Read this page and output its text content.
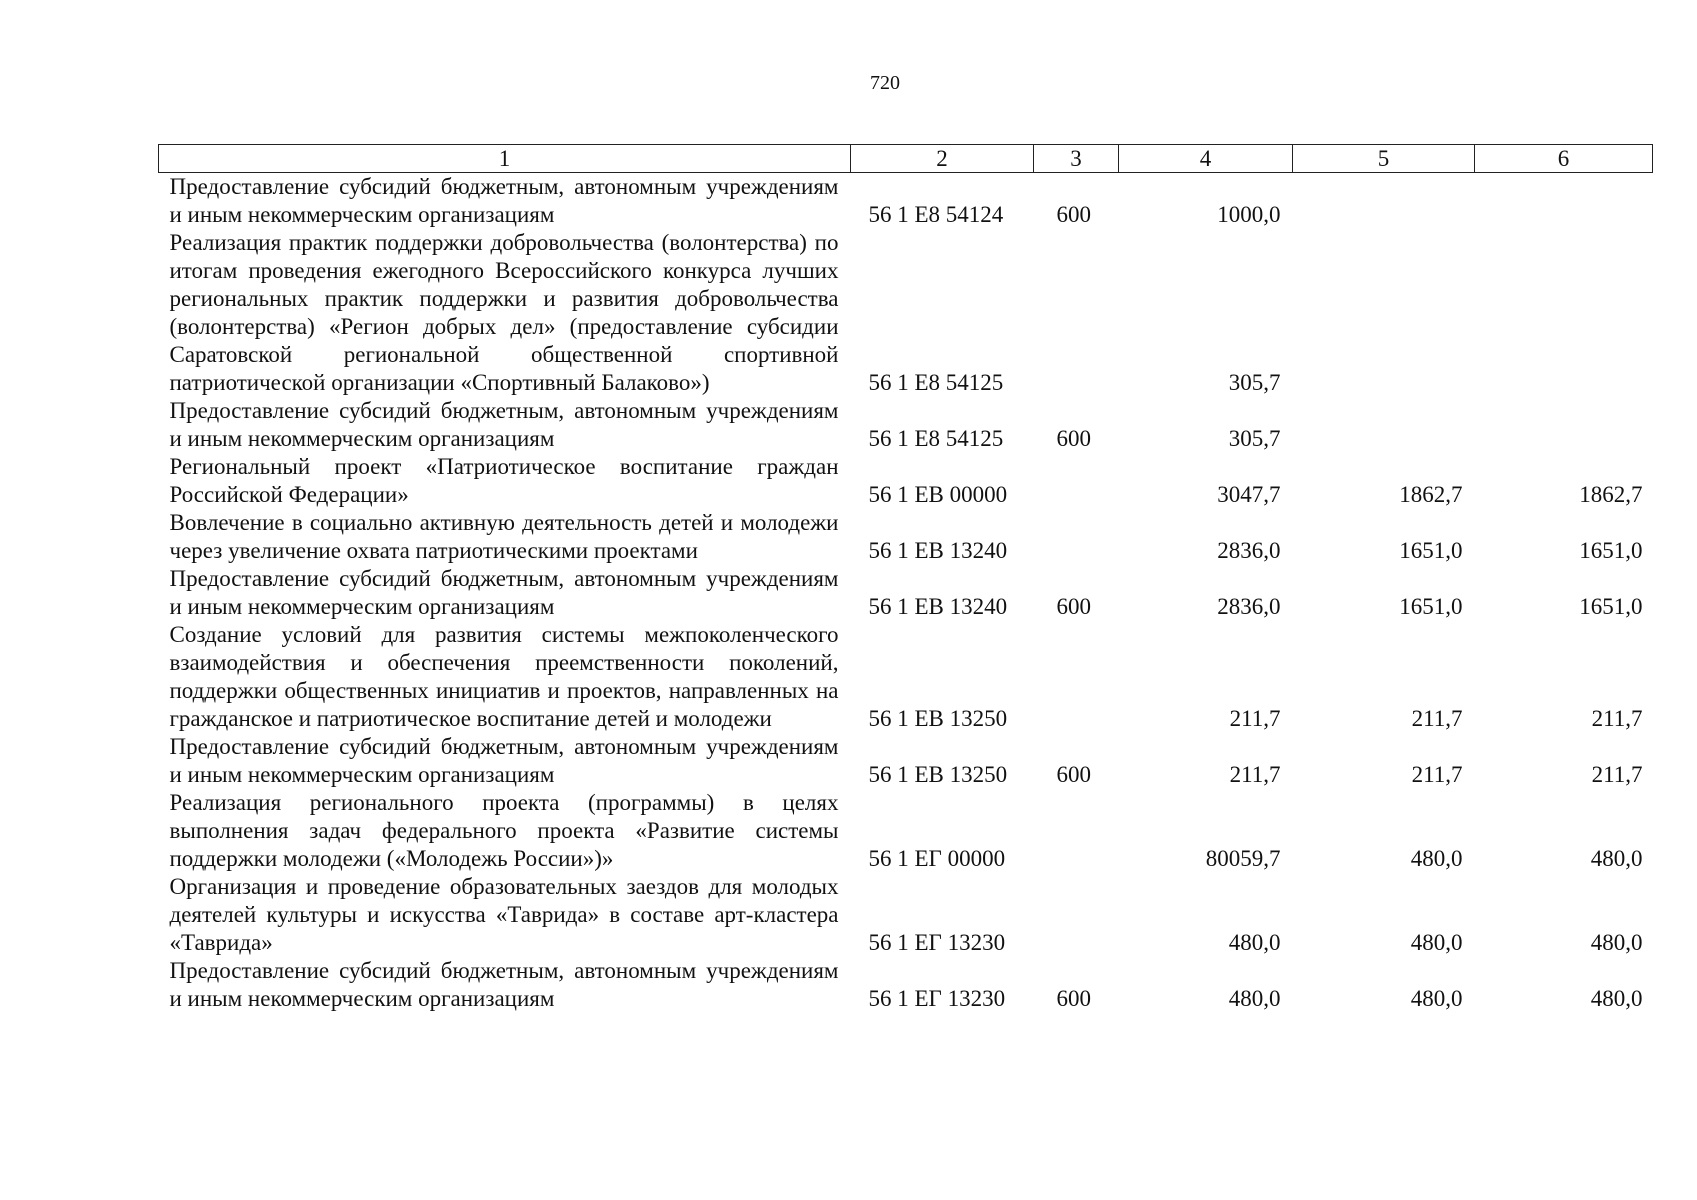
720
1	2	3	4	5	6
Предоставление субсидий бюджетным, автономным учреждениям и иным некоммерческим организациям	56 1 Е8 54124	600	1000,0		
Реализация практик поддержки добровольчества (волонтерства) по итогам проведения ежегодного Всероссийского конкурса лучших региональных практик поддержки и развития добровольчества (волонтерства) «Регион добрых дел» (предоставление субсидии Саратовской региональной общественной спортивной патриотической организации «Спортивный Балаково»)	56 1 Е8 54125		305,7		
Предоставление субсидий бюджетным, автономным учреждениям и иным некоммерческим организациям	56 1 Е8 54125	600	305,7		
Региональный проект «Патриотическое воспитание граждан Российской Федерации»	56 1 ЕВ 00000		3047,7	1862,7	1862,7
Вовлечение в социально активную деятельность детей и молодежи через увеличение охвата патриотическими проектами	56 1 ЕВ 13240		2836,0	1651,0	1651,0
Предоставление субсидий бюджетным, автономным учреждениям и иным некоммерческим организациям	56 1 ЕВ 13240	600	2836,0	1651,0	1651,0
Создание условий для развития системы межпоколенческого взаимодействия и обеспечения преемственности поколений, поддержки общественных инициатив и проектов, направленных на гражданское и патриотическое воспитание детей и молодежи	56 1 ЕВ 13250		211,7	211,7	211,7
Предоставление субсидий бюджетным, автономным учреждениям и иным некоммерческим организациям	56 1 ЕВ 13250	600	211,7	211,7	211,7
Реализация регионального проекта (программы) в целях выполнения задач федерального проекта «Развитие системы поддержки молодежи («Молодежь России»)»	56 1 ЕГ 00000		80059,7	480,0	480,0
Организация и проведение образовательных заездов для молодых деятелей культуры и искусства «Таврида» в составе арт-кластера «Таврида»	56 1 ЕГ 13230		480,0	480,0	480,0
Предоставление субсидий бюджетным, автономным учреждениям и иным некоммерческим организациям	56 1 ЕГ 13230	600	480,0	480,0	480,0
